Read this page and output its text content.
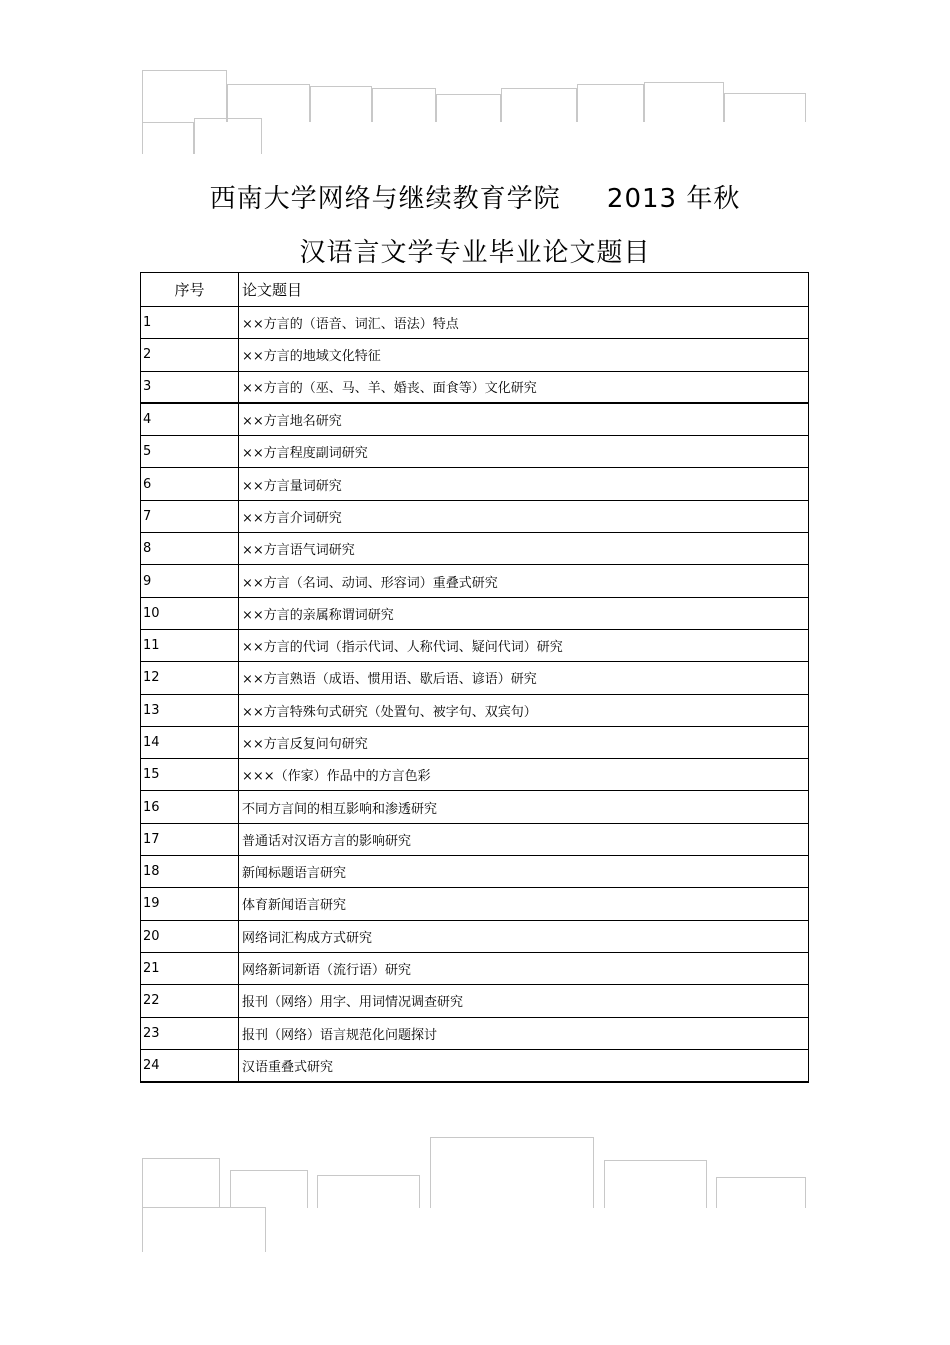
西南大学网络与继续教育学院     2013 年秋
汉语言文学专业毕业论文题目
序号	论文题目
1	××方言的（语音、词汇、语法）特点
2	××方言的地域文化特征
3	××方言的（巫、马、羊、婚丧、面食等）文化研究
4	××方言地名研究
5	××方言程度副词研究
6	××方言量词研究
7	××方言介词研究
8	××方言语气词研究
9	××方言（名词、动词、形容词）重叠式研究
10	××方言的亲属称谓词研究
11	××方言的代词（指示代词、人称代词、疑问代词）研究
12	××方言熟语（成语、惯用语、歇后语、谚语）研究
13	××方言特殊句式研究（处置句、被字句、双宾句）
14	××方言反复问句研究
15	×××（作家）作品中的方言色彩
16	不同方言间的相互影响和渗透研究
17	普通话对汉语方言的影响研究
18	新闻标题语言研究
19	体育新闻语言研究
20	网络词汇构成方式研究
21	网络新词新语（流行语）研究
22	报刊（网络）用字、用词情况调查研究
23	报刊（网络）语言规范化问题探讨
24	汉语重叠式研究
